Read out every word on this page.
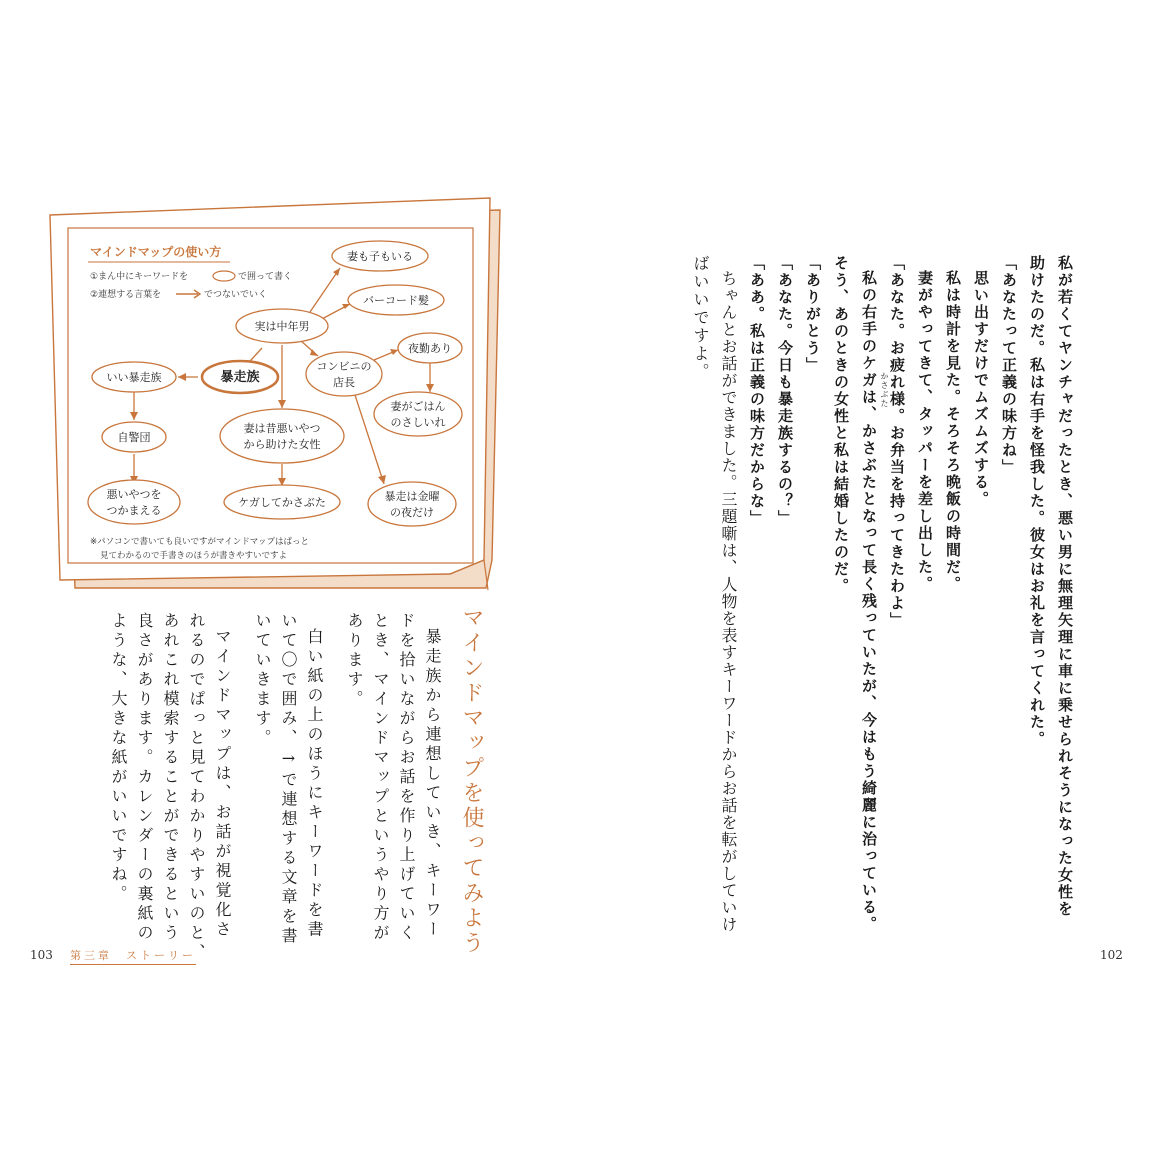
私が若くてヤンチャだったとき、悪い男に無理矢理に車に乗せられそうになった女性を
助けたのだ。私は右手を怪我した。彼女はお礼を言ってくれた。
「あなたって正義の味方ね」
思い出すだけでムズムズする。
私は時計を見た。そろそろ晩飯の時間だ。
妻がやってきて、タッパーを差し出した。
「あなた。お疲れ様。お弁当を持ってきたわよ」
私の右手のケガは、かさぶたとなって長く残っていたが、今はもう綺麗に治っている。 かさぶた
そう、あのときの女性と私は結婚したのだ。
「ありがとう」
「あなた。今日も暴走族するの？」
「ああ。私は正義の味方だからな」
ちゃんとお話ができました。三題噺は、人物を表すキーワードからお話を転がしていけ
ばいいですよ。
102
マインドマップの使い方
①まん中にキーワードを	で囲って書く
②連想する言葉を	でつないでいく
暴走族
実は中年男
妻も子もいる
バーコード髪
コンビニの
店長
夜勤あり
妻がごはん
のさしいれ
暴走は金曜
の夜だけ
妻は昔悪いやつ
から助けた女性
ケガしてかさぶた
いい暴走族
自警団
悪いやつを
つかまえる
※パソコンで書いても良いですがマインドマップはぱっと
見てわかるので手書きのほうが書きやすいですよ
マインドマップを使ってみよう
暴走族から連想していき、キーワー
ドを拾いながらお話を作り上げていく
とき、マインドマップというやり方が
あります。
白い紙の上のほうにキーワードを書
いて〇で囲み、→で連想する文章を書
いていきます。
マインドマップは、お話が視覚化さ
れるのでぱっと見てわかりやすいのと、
あれこれ模索することができるという
良さがあります。カレンダーの裏紙の
ような、大きな紙がいいですね。
103 第三章　ストーリー
